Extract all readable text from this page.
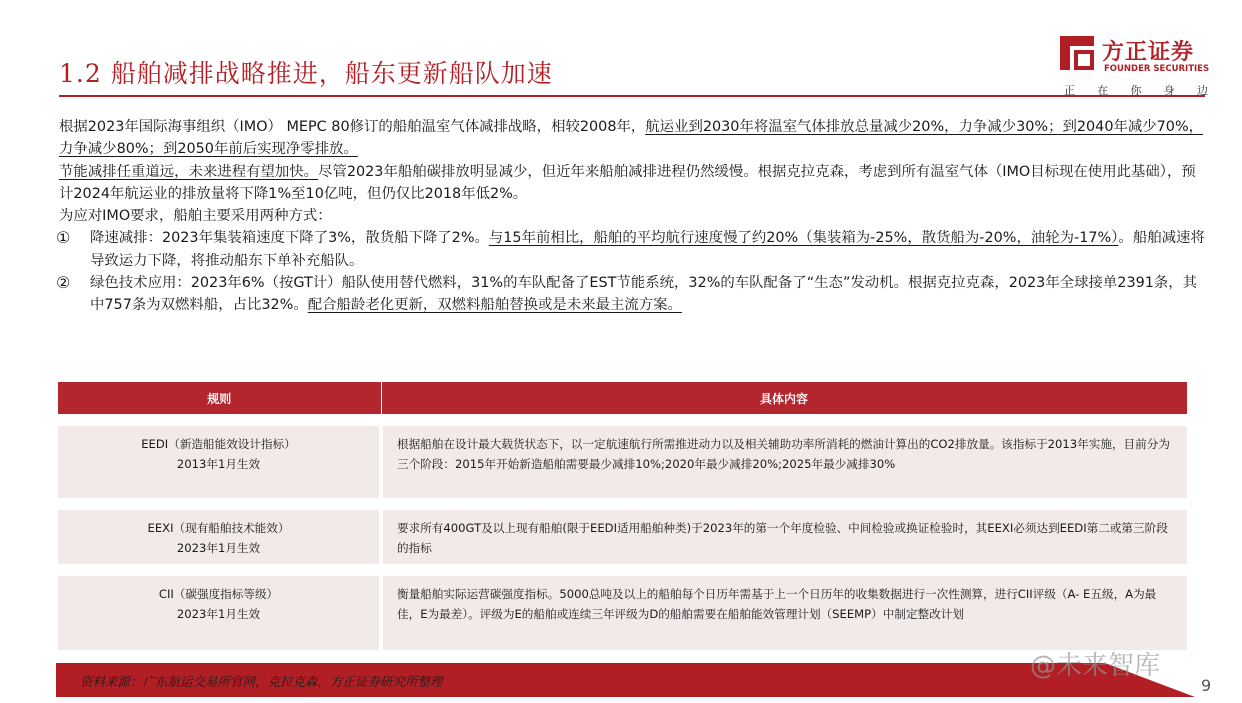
1.2 船舶减排战略推进，船东更新船队加速
方正证券
FOUNDER SECURITIES
正 在 你 身 边

根据2023年国际海事组织（IMO） MEPC 80修订的船舶温室气体减排战略，相较2008年，航运业到2030年将温室气体排放总量减少20%，力争减少30%；到2040年减少70%，力争减少80%；到2050年前后实现净零排放。

节能减排任重道远，未来进程有望加快。尽管2023年船舶碳排放明显减少，但近年来船舶减排进程仍然缓慢。根据克拉克森，考虑到所有温室气体（IMO目标现在使用此基础），预计2024年航运业的排放量将下降1%至10亿吨，但仍仅比2018年低2%。

为应对IMO要求，船舶主要采用两种方式：

① 降速减排：2023年集装箱速度下降了3%，散货船下降了2%。与15年前相比，船舶的平均航行速度慢了约20%（集装箱为-25%，散货船为-20%，油轮为-17%）。船舶减速将导致运力下降，将推动船东下单补充船队。

② 绿色技术应用：2023年6%（按GT计）船队使用替代燃料，31%的车队配备了EST节能系统，32%的车队配备了“生态”发动机。根据克拉克森，2023年全球接单2391条，其中757条为双燃料船，占比32%。配合船龄老化更新，双燃料船舶替换或是未来最主流方案。

规则	具体内容

EEDI（新造船能效设计指标）
2013年1月生效	根据船舶在设计最大载货状态下，以一定航速航行所需推进动力以及相关辅助功率所消耗的燃油计算出的CO2排放量。该指标于2013年实施，目前分为三个阶段：2015年开始新造船舶需要最少减排10%;2020年最少减排20%;2025年最少减排30%

EEXI（现有船舶技术能效）
2023年1月生效	要求所有400GT及以上现有船舶(限于EEDI适用船舶种类)于2023年的第一个年度检验、中间检验或换证检验时，其EEXI必须达到EEDI第二或第三阶段的指标

CII（碳强度指标等级）
2023年1月生效	衡量船舶实际运营碳强度指标。5000总吨及以上的船舶每个日历年需基于上一个日历年的收集数据进行一次性测算，进行CII评级（A- E五级，A为最佳，E为最差）。评级为E的船舶或连续三年评级为D的船舶需要在船舶能效管理计划（SEEMP）中制定整改计划
资料来源：广东航运交易所官网，克拉克森，方正证券研究所整理
@未来智库
9
